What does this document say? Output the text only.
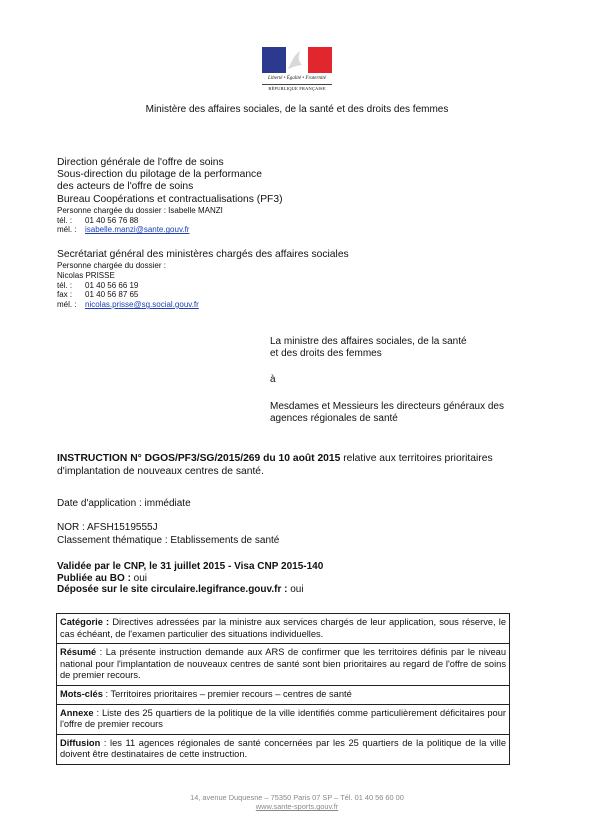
Liberté • Égalité • Fraternité
RÉPUBLIQUE FRANÇAISE
Ministère des affaires sociales, de la santé et des droits des femmes
Direction générale de l'offre de soins
Sous-direction du pilotage de la performance
des acteurs de l'offre de soins
Bureau Coopérations et contractualisations (PF3)
Personne chargée du dossier : Isabelle MANZI
tél. : 01 40 56 76 88
mél. : isabelle.manzi@sante.gouv.fr
Secrétariat général des ministères chargés des affaires sociales
Personne chargée du dossier :
Nicolas PRISSE
tél. : 01 40 56 66 19
fax : 01 40 56 87 65
mél. : nicolas.prisse@sg.social.gouv.fr
La ministre des affaires sociales, de la santé
et des droits des femmes
à
Mesdames et Messieurs les directeurs généraux des
agences régionales de santé
INSTRUCTION N° DGOS/PF3/SG/2015/269 du 10 août 2015 relative aux territoires prioritaires d'implantation de nouveaux centres de santé.
Date d'application : immédiate
NOR : AFSH1519555J
Classement thématique : Etablissements de santé
Validée par le CNP, le 31 juillet 2015 - Visa CNP 2015-140
Publiée au BO : oui
Déposée sur le site circulaire.legifrance.gouv.fr : oui
Catégorie : Directives adressées par la ministre aux services chargés de leur application, sous réserve, le cas échéant, de l'examen particulier des situations individuelles.
Résumé : La présente instruction demande aux ARS de confirmer que les territoires définis par le niveau national pour l'implantation de nouveaux centres de santé sont bien prioritaires au regard de l'offre de soins de premier recours.
Mots-clés : Territoires prioritaires – premier recours – centres de santé
Annexe : Liste des 25 quartiers de la politique de la ville identifiés comme particulièrement déficitaires pour l'offre de premier recours
Diffusion : les 11 agences régionales de santé concernées par les 25 quartiers de la politique de la ville doivent être destinataires de cette instruction.
14, avenue Duquesne – 75350 Paris 07 SP – Tél. 01 40 56 60 00
www.sante-sports.gouv.fr
